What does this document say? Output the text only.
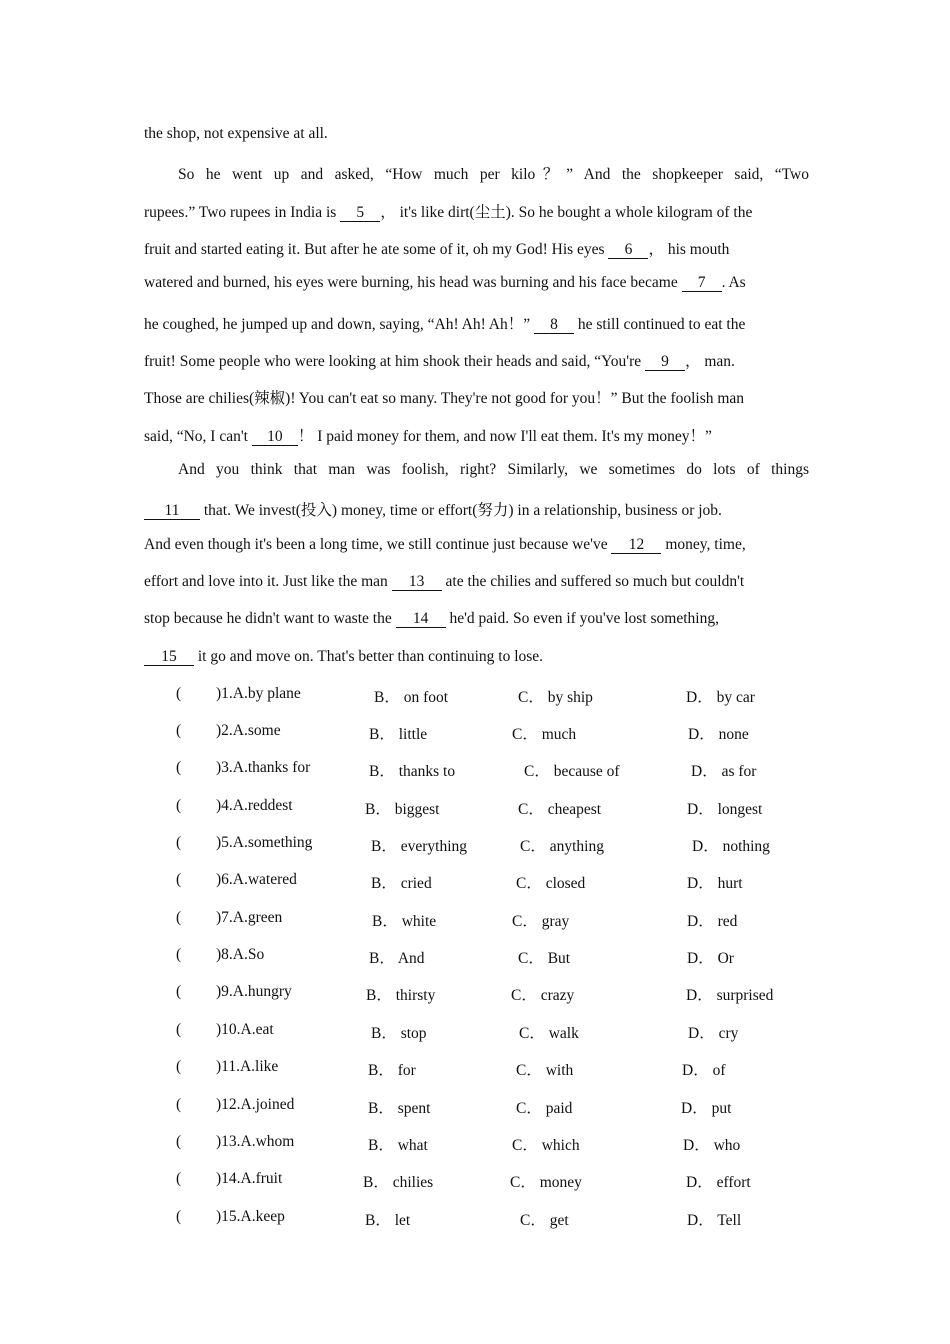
the shop, not expensive at all.
So he went up and asked, “How much per kilo？” And the shopkeeper said, “Two
rupees.” Two rupees in India is 5 ， it's like dirt(尘土). So he bought a whole kilogram of the
fruit and started eating it. But after he ate some of it, oh my God! His eyes 6 ， his mouth
watered and burned, his eyes were burning, his head was burning and his face became 7 . As
he coughed, he jumped up and down, saying, “Ah! Ah! Ah！” 8 he still continued to eat the
fruit! Some people who were looking at him shook their heads and said, “You're 9 ， man.
Those are chilies(辣椒)! You can't eat so many. They're not good for you！” But the foolish man
said, “No, I can't 10 ！ I paid money for them, and now I'll eat them. It's my money！”
And you think that man was foolish, right? Similarly, we sometimes do lots of things
11 that. We invest(投入) money, time or effort(努力) in a relationship, business or job.
And even though it's been a long time, we still continue just because we've 12 money, time,
effort and love into it. Just like the man 13 ate the chilies and suffered so much but couldn't
stop because he didn't want to waste the 14 he'd paid. So even if you've lost something,
15 it go and move on. That's better than continuing to lose.
( )1.A.by plane	B． on foot	C． by ship	D． by car
( )2.A.some	B． little	C． much	D． none
( )3.A.thanks for	B． thanks to	C． because of	D． as for
( )4.A.reddest	B． biggest	C． cheapest	D． longest
( )5.A.something	B． everything	C． anything	D． nothing
( )6.A.watered	B． cried	C． closed	D． hurt
( )7.A.green	B． white	C． gray	D． red
( )8.A.So	B． And	C． But	D． Or
( )9.A.hungry	B． thirsty	C． crazy	D． surprised
( )10.A.eat	B． stop	C． walk	D． cry
( )11.A.like	B． for	C． with	D． of
( )12.A.joined	B． spent	C． paid	D． put
( )13.A.whom	B． what	C． which	D． who
( )14.A.fruit	B． chilies	C． money	D． effort
( )15.A.keep	B． let	C． get	D． Tell
